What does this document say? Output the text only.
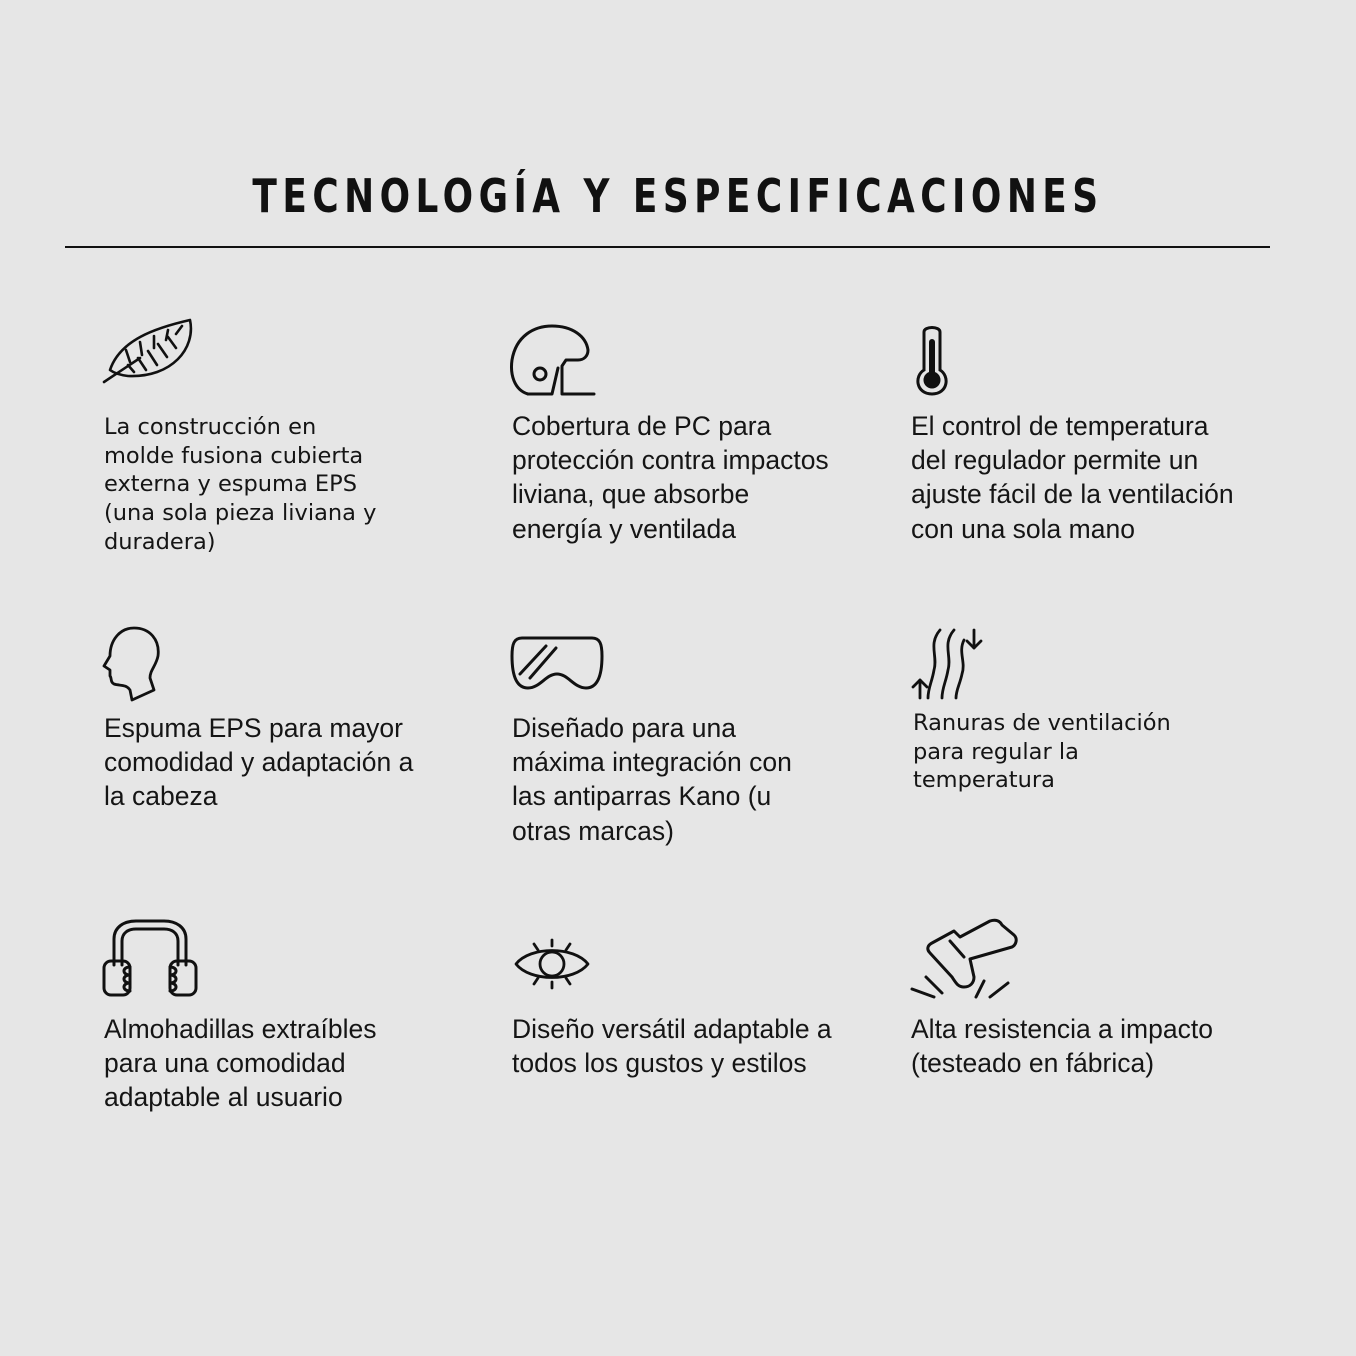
TECNOLOGÍA Y ESPECIFICACIONES

La construcción en
molde fusiona cubierta
externa y espuma EPS
(una sola pieza liviana y
duradera)

Cobertura de PC para
protección contra impactos
liviana, que absorbe
energía y ventilada

El control de temperatura
del regulador permite un
ajuste fácil de la ventilación
con una sola mano

Espuma EPS para mayor
comodidad y adaptación a
la cabeza

Diseñado para una
máxima integración con
las antiparras Kano (u
otras marcas)

Ranuras de ventilación
para regular la
temperatura

Almohadillas extraíbles
para una comodidad
adaptable al usuario

Diseño versátil adaptable a
todos los gustos y estilos

Alta resistencia a impacto
(testeado en fábrica)
